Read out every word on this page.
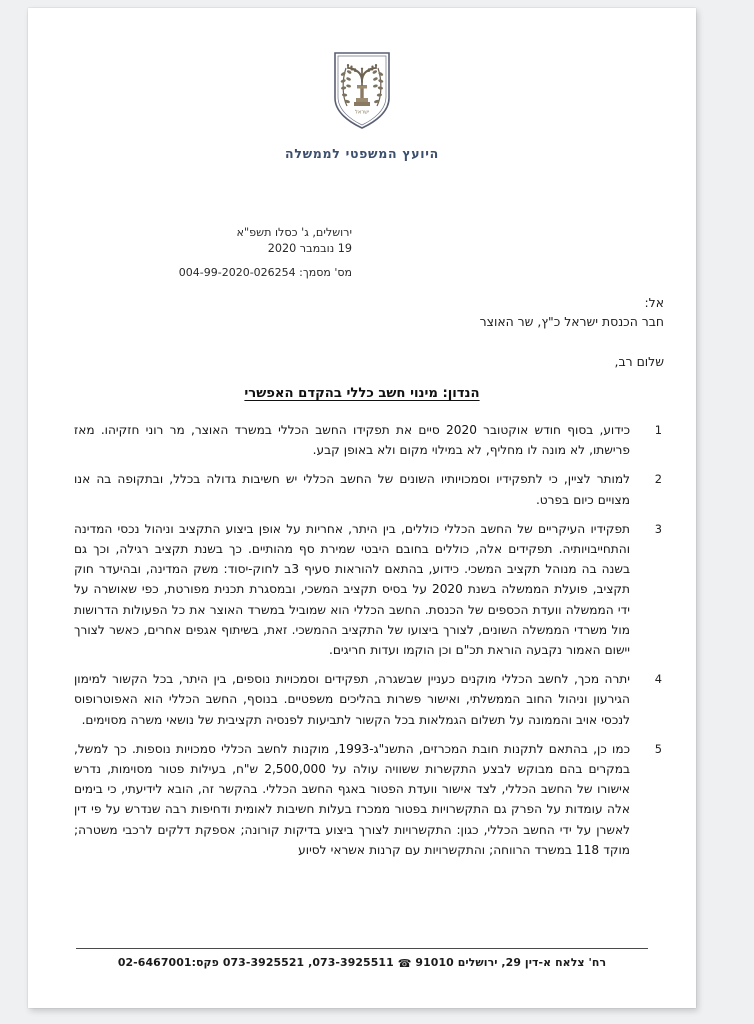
ישראל
היועץ המשפטי לממשלה
ירושלים, ג' כסלו תשפ"א
19 נובמבר 2020
מס' מסמך: 004-99-2020-026254
אל:
חבר הכנסת ישראל כ"ץ, שר האוצר
שלום רב,
הנדון: מינוי חשב כללי בהקדם האפשרי
1
כידוע, בסוף חודש אוקטובר 2020 סיים את תפקידו החשב הכללי במשרד האוצר, מר רוני חזקיהו. מאז פרישתו, לא מונה לו מחליף, לא במילוי מקום ולא באופן קבע.
2
למותר לציין, כי לתפקידיו וסמכויותיו השונים של החשב הכללי יש חשיבות גדולה בכלל, ובתקופה בה אנו מצויים כיום בפרט.
3
תפקידיו העיקריים של החשב הכללי כוללים, בין היתר, אחריות על אופן ביצוע התקציב וניהול נכסי המדינה והתחייבויותיה. תפקידים אלה, כוללים בחובם היבטי שמירת סף מהותיים. כך בשנת תקציב רגילה, וכך גם בשנה בה מנוהל תקציב המשכי. כידוע, בהתאם להוראות סעיף 3ב לחוק-יסוד: משק המדינה, ובהיעדר חוק תקציב, פועלת הממשלה בשנת 2020 על בסיס תקציב המשכי, ובמסגרת תכנית מפורטת, כפי שאושרה על ידי הממשלה וועדת הכספים של הכנסת. החשב הכללי הוא שמוביל במשרד האוצר את כל הפעולות הדרושות מול משרדי הממשלה השונים, לצורך ביצועו של התקציב ההמשכי. זאת, בשיתוף אגפים אחרים, כאשר לצורך יישום האמור נקבעה הוראת תכ"ם וכן הוקמו ועדות חריגים.
4
יתרה מכך, לחשב הכללי מוקנים כעניין שבשגרה, תפקידים וסמכויות נוספים, בין היתר, בכל הקשור למימון הגירעון וניהול החוב הממשלתי, ואישור פשרות בהליכים משפטיים. בנוסף, החשב הכללי הוא האפוטרופוס לנכסי אויב והממונה על תשלום הגמלאות בכל הקשור לתביעות לפנסיה תקציבית של נושאי משרה מסוימים.
5
כמו כן, בהתאם לתקנות חובת המכרזים, התשנ"ג-1993, מוקנות לחשב הכללי סמכויות נוספות. כך למשל, במקרים בהם מבוקש לבצע התקשרות ששוויה עולה על 2,500,000 ש"ח, בעילות פטור מסוימות, נדרש אישורו של החשב הכללי, לצד אישור וועדת הפטור באגף החשב הכללי. בהקשר זה, הובא לידיעתי, כי בימים אלה עומדות על הפרק גם התקשרויות בפטור ממכרז בעלות חשיבות לאומית ודחיפות רבה שנדרש על פי דין לאשרן על ידי החשב הכללי, כגון: התקשרויות לצורך ביצוע בדיקות קורונה; אספקת דלקים לרכבי משטרה; מוקד 118 במשרד הרווחה; והתקשרויות עם קרנות אשראי לסיוע
רח' צלאח א-דין 29, ירושלים 91010 ☎ 073-3925511, 073-3925521 פקס:02-6467001
